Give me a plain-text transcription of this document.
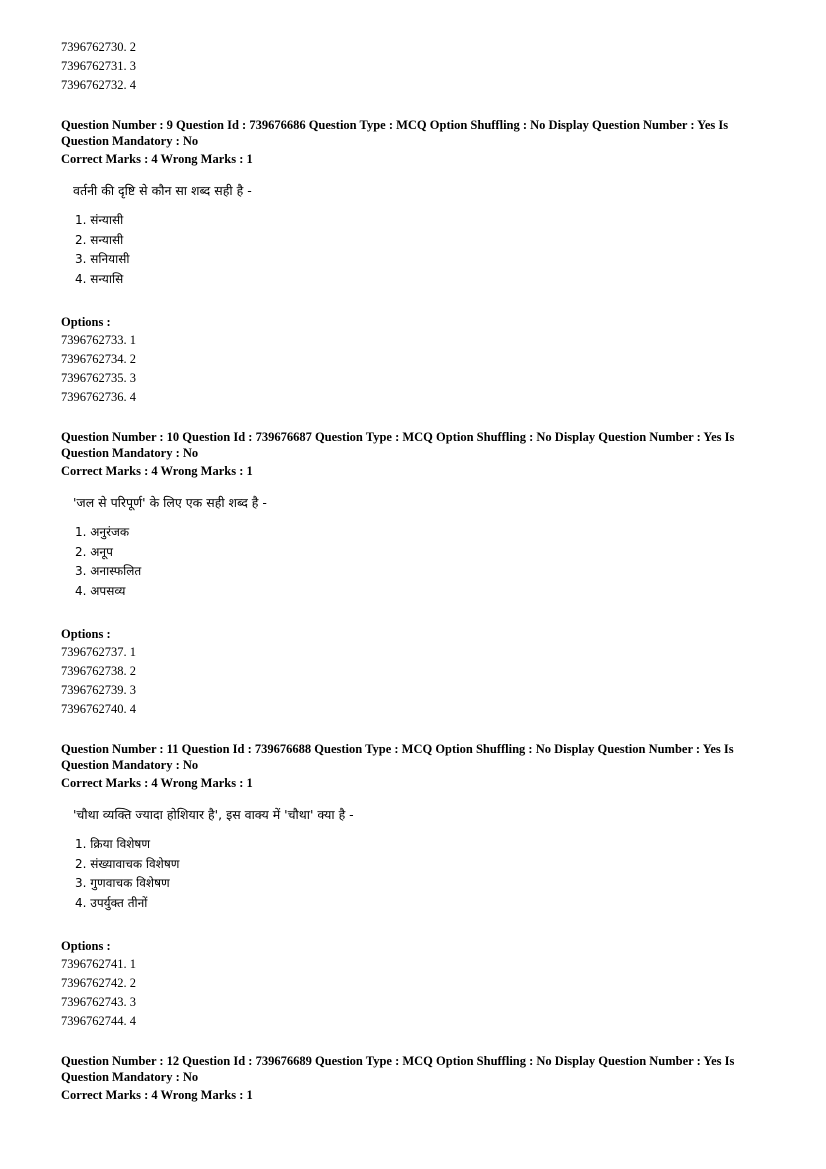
7396762730. 2
7396762731. 3
7396762732. 4
Question Number : 9 Question Id : 739676686 Question Type : MCQ Option Shuffling : No Display Question Number : Yes Is
Question Mandatory : No
Correct Marks : 4 Wrong Marks : 1
वर्तनी की दृष्टि से कौन सा शब्द सही है -
1. संन्यासी
2. सन्यासी
3. सनियासी
4. सन्यासि
Options :
7396762733. 1
7396762734. 2
7396762735. 3
7396762736. 4
Question Number : 10 Question Id : 739676687 Question Type : MCQ Option Shuffling : No Display Question Number : Yes Is
Question Mandatory : No
Correct Marks : 4 Wrong Marks : 1
'जल से परिपूर्ण' के लिए एक सही शब्द है -
1. अनुरंजक
2. अनूप
3. अनास्फलित
4. अपसव्य
Options :
7396762737. 1
7396762738. 2
7396762739. 3
7396762740. 4
Question Number : 11 Question Id : 739676688 Question Type : MCQ Option Shuffling : No Display Question Number : Yes Is
Question Mandatory : No
Correct Marks : 4 Wrong Marks : 1
'चौथा व्यक्ति ज्यादा होशियार है', इस वाक्य में 'चौथा' क्या है -
1. क्रिया विशेषण
2. संख्यावाचक विशेषण
3. गुणवाचक विशेषण
4. उपर्युक्त तीनों
Options :
7396762741. 1
7396762742. 2
7396762743. 3
7396762744. 4
Question Number : 12 Question Id : 739676689 Question Type : MCQ Option Shuffling : No Display Question Number : Yes Is
Question Mandatory : No
Correct Marks : 4 Wrong Marks : 1
